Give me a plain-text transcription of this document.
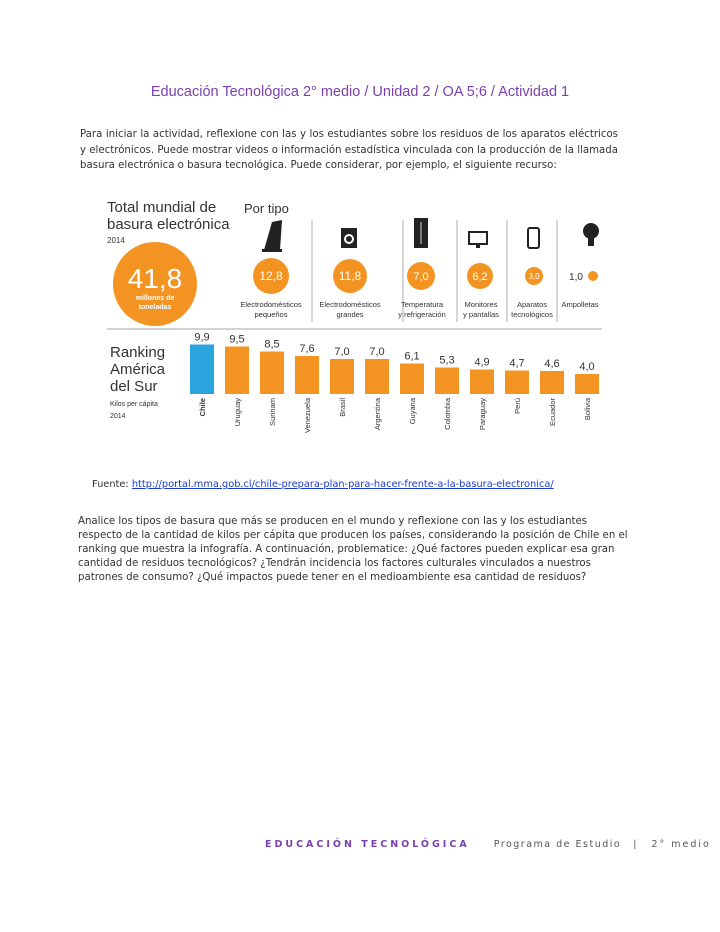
Educación Tecnológica 2° medio / Unidad 2 / OA 5;6 / Actividad 1
Para iniciar la actividad, reflexione con las y los estudiantes sobre los residuos de los aparatos eléctricos y electrónicos. Puede mostrar videos o información estadística vinculada con la producción de la llamada basura electrónica o basura tecnológica. Puede considerar, por ejemplo, el siguiente recurso:
Total mundial de
basura electrónica
2014
41,8
millones de
toneladas
Por tipo
12,8	11,8	7,0	6,2	3,0	1,0
Electrodomésticos
pequeños
Electrodomésticos
grandes
Temperatura
y refrigeración
Monitores
y pantallas
Aparatos
tecnológicos
Ampolletas
Ranking
América
del Sur
Kilos per cápita
2014
9,9
Chile
9,5
Uruguay
8,5
Surinam
7,6
Venezuela
7,0
Brasil
7,0
Argentina
6,1
Guyana
5,3
Colombia
4,9
Paraguay
4,7
Perú
4,6
Ecuador
4,0
Bolivia
Fuente: http://portal.mma.gob.cl/chile-prepara-plan-para-hacer-frente-a-la-basura-electronica/
Analice los tipos de basura que más se producen en el mundo y reflexione con las y los estudiantes respecto de la cantidad de kilos per cápita que producen los países, considerando la posición de Chile en el ranking que muestra la infografía. A continuación, problematice: ¿Qué factores pueden explicar esa gran cantidad de residuos tecnológicos? ¿Tendrán incidencia los factores culturales vinculados a nuestros patrones de consumo? ¿Qué impactos puede tener en el medioambiente esa cantidad de residuos?
EDUCACIÓN TECNOLÓGICA	Programa de Estudio | 2° medio
